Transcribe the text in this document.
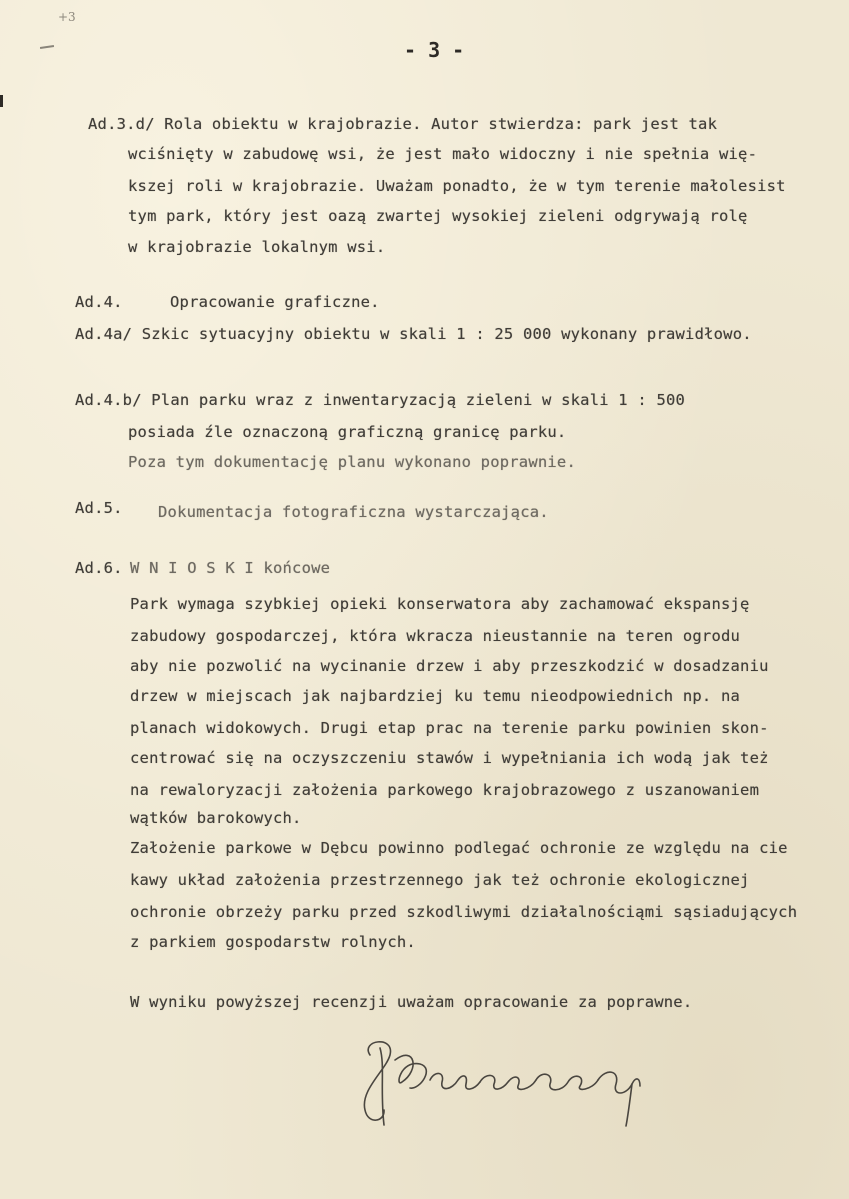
+3
- 3 -
Ad.3.d/ Rola obiektu w krajobrazie. Autor stwierdza: park jest tak
wciśnięty w zabudowę wsi, że jest mało widoczny i nie spełnia wię-
kszej roli w krajobrazie. Uważam ponadto, że w tym terenie małolesist
tym park, który jest oazą zwartej wysokiej zieleni odgrywają rolę
w krajobrazie lokalnym wsi.
Ad.4.	Opracowanie graficzne.
Ad.4a/ Szkic sytuacyjny obiektu w skali 1 : 25 000 wykonany prawidłowo.
Ad.4.b/ Plan parku wraz z inwentaryzacją zieleni w skali 1 : 500
posiada źle oznaczoną graficzną granicę parku.
Poza tym dokumentację planu wykonano poprawnie.
Ad.5. Dokumentacja fotograficzna wystarczająca.
Ad.6. W N I O S K I końcowe
Park wymaga szybkiej opieki konserwatora aby zachamować ekspansję
zabudowy gospodarczej, która wkracza nieustannie na teren ogrodu
aby nie pozwolić na wycinanie drzew i aby przeszkodzić w dosadzaniu
drzew w miejscach jak najbardziej ku temu nieodpowiednich np. na
planach widokowych. Drugi etap prac na terenie parku powinien skon-
centrować się na oczyszczeniu stawów i wypełniania ich wodą jak też
na rewaloryzacji założenia parkowego krajobrazowego z uszanowaniem
wątków barokowych.
Założenie parkowe w Dębcu powinno podlegać ochronie ze względu na cie
kawy układ założenia przestrzennego jak też ochronie ekologicznej
ochronie obrzeży parku przed szkodliwymi działalnościąmi sąsiadujących
z parkiem gospodarstw rolnych.
W wyniku powyższej recenzji uważam opracowanie za poprawne.
